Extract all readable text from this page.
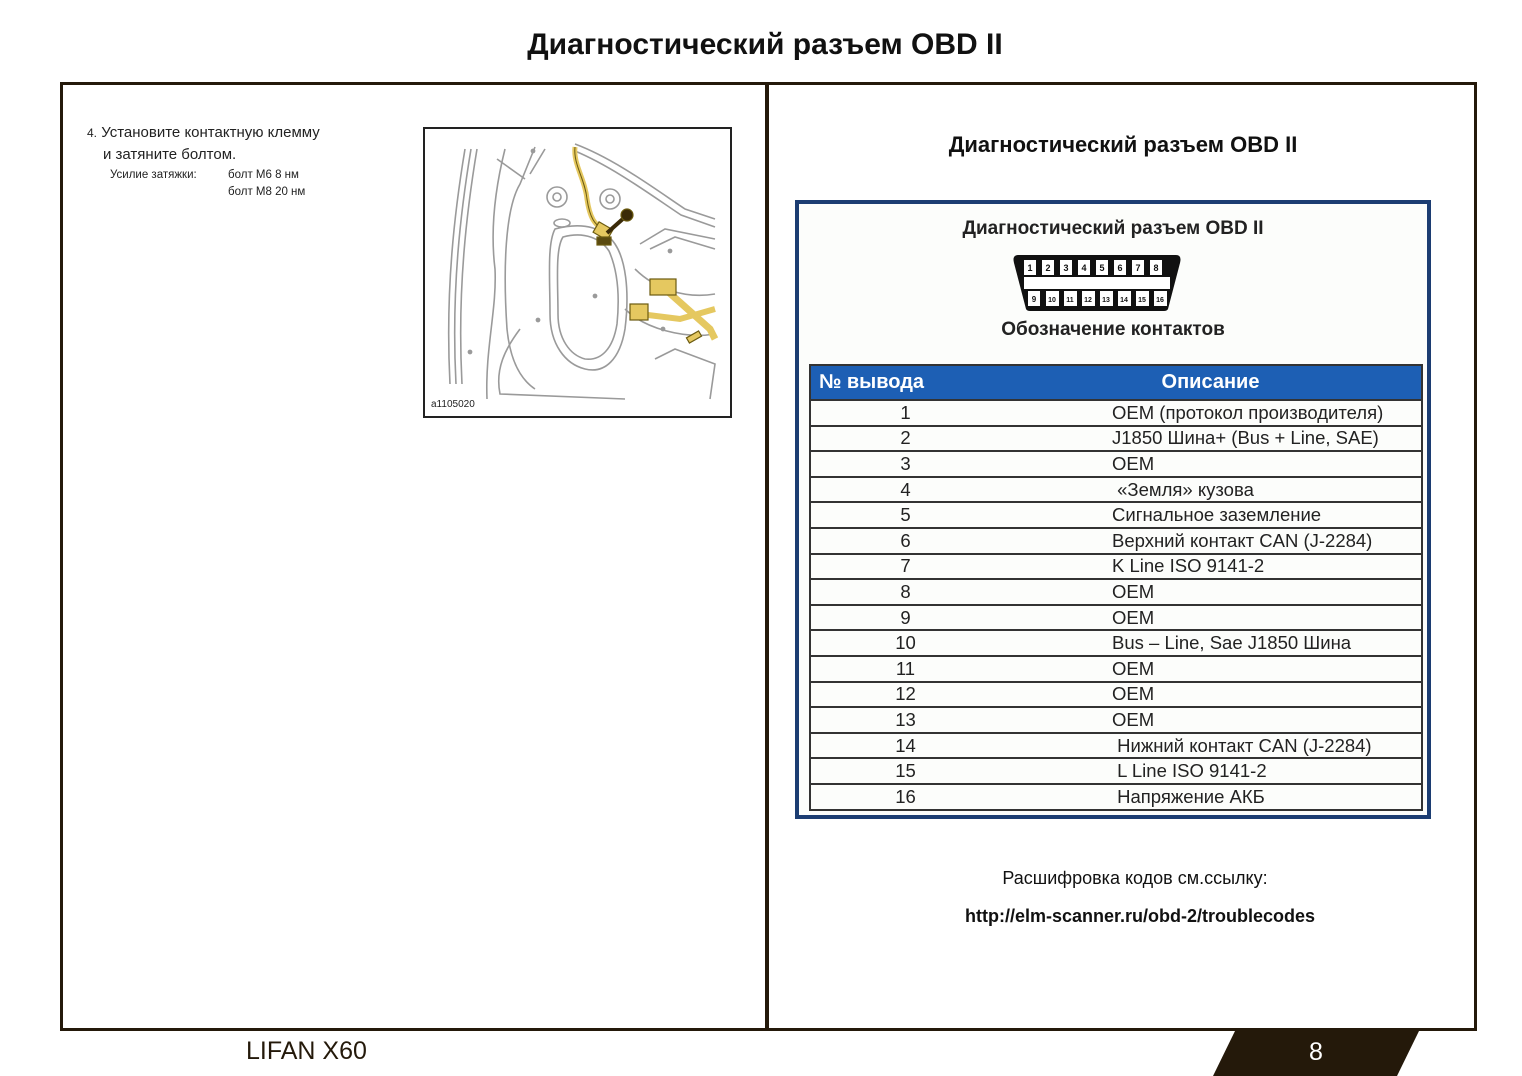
Диагностический разъем OBD II
4. Установите контактную клемму
и затяните болтом.
Усилие затяжки:	болт М6 8 нм
болт М8 20 нм
a1105020
Диагностический разъем OBD II
Диагностический разъем OBD II
1 2 3 4 5 6 7 8
9 10 11 12 13 14 15 16
Обозначение контактов
№ вывода	Описание	
1		OEM (протокол производителя)
2		J1850 Шина+ (Bus + Line, SAE)
3		OEM
4		«Земля» кузова
5		Сигнальное заземление
6		Верхний контакт CAN (J-2284)
7		K Line ISO 9141-2
8		OEM
9		OEM
10		Bus – Line, Sae J1850 Шина
11		OEM
12		OEM
13		OEM
14		Нижний контакт CAN (J-2284)
15		L Line ISO 9141-2
16		Напряжение АКБ
Расшифровка кодов см.ссылку:
http://elm-scanner.ru/obd-2/troublecodes
LIFAN X60	8
